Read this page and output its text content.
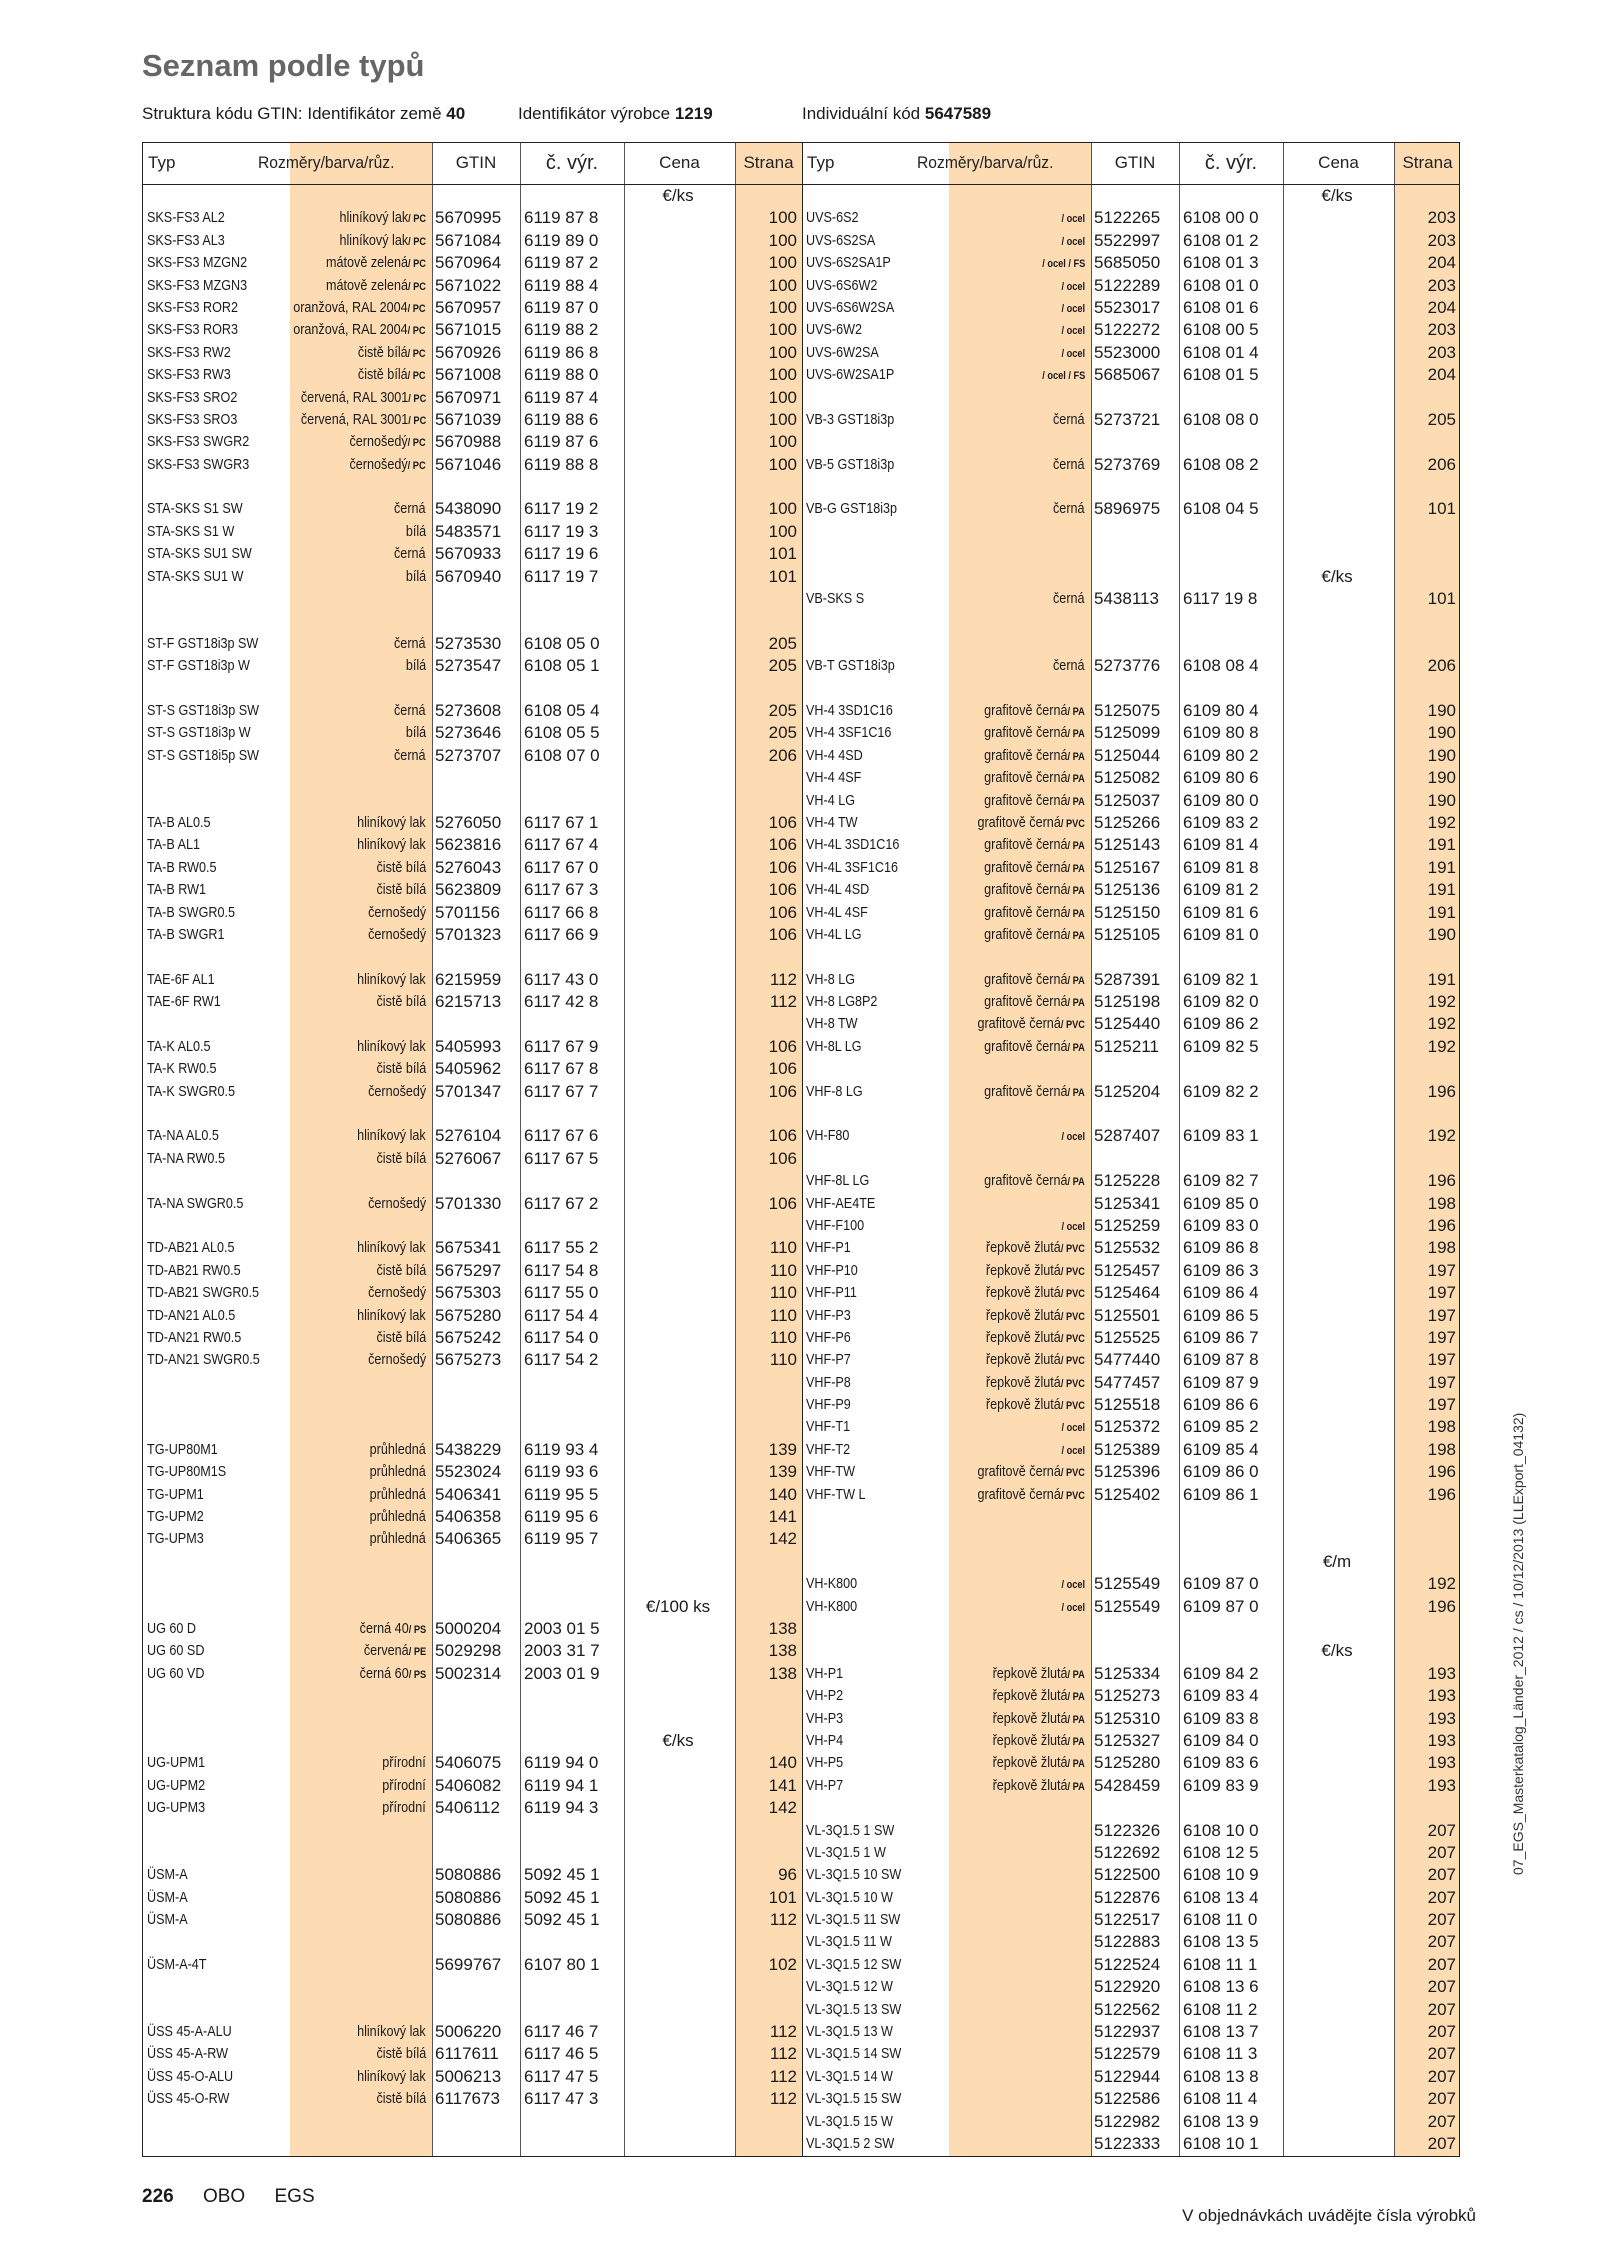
Seznam podle typů
Struktura kódu GTIN: Identifikátor země 40	Identifikátor výrobce 1219	Individuální kód 5647589
Typ	Rozměry/barva/růz.	GTIN	č. výr.	Cena	Strana
€/ks
SKS-FS3 AL2	hliníkový lak/ PC 5670995	6119 87 8	100
SKS-FS3 AL3	hliníkový lak/ PC 5671084	6119 89 0	100
SKS-FS3 MZGN2	mátově zelená/ PC 5670964	6119 87 2	100
SKS-FS3 MZGN3	mátově zelená/ PC 5671022	6119 88 4	100
SKS-FS3 ROR2	oranžová, RAL 2004/ PC 5670957	6119 87 0	100
SKS-FS3 ROR3	oranžová, RAL 2004/ PC 5671015	6119 88 2	100
SKS-FS3 RW2	čistě bílá/ PC 5670926	6119 86 8	100
SKS-FS3 RW3	čistě bílá/ PC 5671008	6119 88 0	100
SKS-FS3 SRO2	červená, RAL 3001/ PC 5670971	6119 87 4	100
SKS-FS3 SRO3	červená, RAL 3001/ PC 5671039	6119 88 6	100
SKS-FS3 SWGR2	černošedý/ PC 5670988	6119 87 6	100
SKS-FS3 SWGR3	černošedý/ PC 5671046	6119 88 8	100
STA-SKS S1 SW	černá 5438090	6117 19 2	100
STA-SKS S1 W	bílá 5483571	6117 19 3	100
STA-SKS SU1 SW	černá 5670933	6117 19 6	101
STA-SKS SU1 W	bílá 5670940	6117 19 7	101
ST-F GST18i3p SW	černá 5273530	6108 05 0	205
ST-F GST18i3p W	bílá 5273547	6108 05 1	205
ST-S GST18i3p SW	černá 5273608	6108 05 4	205
ST-S GST18i3p W	bílá 5273646	6108 05 5	205
ST-S GST18i5p SW	černá 5273707	6108 07 0	206
TA-B AL0.5	hliníkový lak 5276050	6117 67 1	106
TA-B AL1	hliníkový lak 5623816	6117 67 4	106
TA-B RW0.5	čistě bílá 5276043	6117 67 0	106
TA-B RW1	čistě bílá 5623809	6117 67 3	106
TA-B SWGR0.5	černošedý 5701156	6117 66 8	106
TA-B SWGR1	černošedý 5701323	6117 66 9	106
TAE-6F AL1	hliníkový lak 6215959	6117 43 0	112
TAE-6F RW1	čistě bílá 6215713	6117 42 8	112
TA-K AL0.5	hliníkový lak 5405993	6117 67 9	106
TA-K RW0.5	čistě bílá 5405962	6117 67 8	106
TA-K SWGR0.5	černošedý 5701347	6117 67 7	106
TA-NA AL0.5	hliníkový lak 5276104	6117 67 6	106
TA-NA RW0.5	čistě bílá 5276067	6117 67 5	106
TA-NA SWGR0.5	černošedý 5701330	6117 67 2	106
TD-AB21 AL0.5	hliníkový lak 5675341	6117 55 2	110
TD-AB21 RW0.5	čistě bílá 5675297	6117 54 8	110
TD-AB21 SWGR0.5	černošedý 5675303	6117 55 0	110
TD-AN21 AL0.5	hliníkový lak 5675280	6117 54 4	110
TD-AN21 RW0.5	čistě bílá 5675242	6117 54 0	110
TD-AN21 SWGR0.5	černošedý 5675273	6117 54 2	110
TG-UP80M1	průhledná 5438229	6119 93 4	139
TG-UP80M1S	průhledná 5523024	6119 93 6	139
TG-UPM1	průhledná 5406341	6119 95 5	140
TG-UPM2	průhledná 5406358	6119 95 6	141
TG-UPM3	průhledná 5406365	6119 95 7	142
€/100 ks
UG 60 D	černá 40/ PS 5000204	2003 01 5	138
UG 60 SD	červená/ PE 5029298	2003 31 7	138
UG 60 VD	černá 60/ PS 5002314	2003 01 9	138
€/ks
UG-UPM1	přírodní 5406075	6119 94 0	140
UG-UPM2	přírodní 5406082	6119 94 1	141
UG-UPM3	přírodní 5406112	6119 94 3	142
ÜSM-A	5080886	5092 45 1	96
ÜSM-A	5080886	5092 45 1	101
ÜSM-A	5080886	5092 45 1	112
ÜSM-A-4T	5699767	6107 80 1	102
ÜSS 45-A-ALU	hliníkový lak 5006220	6117 46 7	112
ÜSS 45-A-RW	čistě bílá 6117611	6117 46 5	112
ÜSS 45-O-ALU	hliníkový lak 5006213	6117 47 5	112
ÜSS 45-O-RW	čistě bílá 6117673	6117 47 3	112
Typ	Rozměry/barva/růz.	GTIN	č. výr.	Cena	Strana
€/ks
UVS-6S2	/ ocel 5122265	6108 00 0	203
UVS-6S2SA	/ ocel 5522997	6108 01 2	203
UVS-6S2SA1P	/ ocel / FS 5685050	6108 01 3	204
UVS-6S6W2	/ ocel 5122289	6108 01 0	203
UVS-6S6W2SA	/ ocel 5523017	6108 01 6	204
UVS-6W2	/ ocel 5122272	6108 00 5	203
UVS-6W2SA	/ ocel 5523000	6108 01 4	203
UVS-6W2SA1P	/ ocel / FS 5685067	6108 01 5	204
VB-3 GST18i3p	černá 5273721	6108 08 0	205
VB-5 GST18i3p	černá 5273769	6108 08 2	206
VB-G GST18i3p	černá 5896975	6108 04 5	101
€/ks
VB-SKS S	černá 5438113	6117 19 8	101
VB-T GST18i3p	černá 5273776	6108 08 4	206
VH-4 3SD1C16	grafitově černá/ PA 5125075	6109 80 4	190
VH-4 3SF1C16	grafitově černá/ PA 5125099	6109 80 8	190
VH-4 4SD	grafitově černá/ PA 5125044	6109 80 2	190
VH-4 4SF	grafitově černá/ PA 5125082	6109 80 6	190
VH-4 LG	grafitově černá/ PA 5125037	6109 80 0	190
VH-4 TW	grafitově černá/ PVC 5125266	6109 83 2	192
VH-4L 3SD1C16	grafitově černá/ PA 5125143	6109 81 4	191
VH-4L 3SF1C16	grafitově černá/ PA 5125167	6109 81 8	191
VH-4L 4SD	grafitově černá/ PA 5125136	6109 81 2	191
VH-4L 4SF	grafitově černá/ PA 5125150	6109 81 6	191
VH-4L LG	grafitově černá/ PA 5125105	6109 81 0	190
VH-8 LG	grafitově černá/ PA 5287391	6109 82 1	191
VH-8 LG8P2	grafitově černá/ PA 5125198	6109 82 0	192
VH-8 TW	grafitově černá/ PVC 5125440	6109 86 2	192
VH-8L LG	grafitově černá/ PA 5125211	6109 82 5	192
VHF-8 LG	grafitově černá/ PA 5125204	6109 82 2	196
VH-F80	/ ocel 5287407	6109 83 1	192
VHF-8L LG	grafitově černá/ PA 5125228	6109 82 7	196
VHF-AE4TE	5125341	6109 85 0	198
VHF-F100	/ ocel 5125259	6109 83 0	196
VHF-P1	řepkově žlutá/ PVC 5125532	6109 86 8	198
VHF-P10	řepkově žlutá/ PVC 5125457	6109 86 3	197
VHF-P11	řepkově žlutá/ PVC 5125464	6109 86 4	197
VHF-P3	řepkově žlutá/ PVC 5125501	6109 86 5	197
VHF-P6	řepkově žlutá/ PVC 5125525	6109 86 7	197
VHF-P7	řepkově žlutá/ PVC 5477440	6109 87 8	197
VHF-P8	řepkově žlutá/ PVC 5477457	6109 87 9	197
VHF-P9	řepkově žlutá/ PVC 5125518	6109 86 6	197
VHF-T1	/ ocel 5125372	6109 85 2	198
VHF-T2	/ ocel 5125389	6109 85 4	198
VHF-TW	grafitově černá/ PVC 5125396	6109 86 0	196
VHF-TW L	grafitově černá/ PVC 5125402	6109 86 1	196
€/m
VH-K800	/ ocel 5125549	6109 87 0	192
VH-K800	/ ocel 5125549	6109 87 0	196
€/ks
VH-P1	řepkově žlutá/ PA 5125334	6109 84 2	193
VH-P2	řepkově žlutá/ PA 5125273	6109 83 4	193
VH-P3	řepkově žlutá/ PA 5125310	6109 83 8	193
VH-P4	řepkově žlutá/ PA 5125327	6109 84 0	193
VH-P5	řepkově žlutá/ PA 5125280	6109 83 6	193
VH-P7	řepkově žlutá/ PA 5428459	6109 83 9	193
VL-3Q1.5 1 SW	5122326	6108 10 0	207
VL-3Q1.5 1 W	5122692	6108 12 5	207
VL-3Q1.5 10 SW	5122500	6108 10 9	207
VL-3Q1.5 10 W	5122876	6108 13 4	207
VL-3Q1.5 11 SW	5122517	6108 11 0	207
VL-3Q1.5 11 W	5122883	6108 13 5	207
VL-3Q1.5 12 SW	5122524	6108 11 1	207
VL-3Q1.5 12 W	5122920	6108 13 6	207
VL-3Q1.5 13 SW	5122562	6108 11 2	207
VL-3Q1.5 13 W	5122937	6108 13 7	207
VL-3Q1.5 14 SW	5122579	6108 11 3	207
VL-3Q1.5 14 W	5122944	6108 13 8	207
VL-3Q1.5 15 SW	5122586	6108 11 4	207
VL-3Q1.5 15 W	5122982	6108 13 9	207
VL-3Q1.5 2 SW	5122333	6108 10 1	207
07_EGS_Masterkatalog_Länder_2012 / cs / 10/12/2013 (LLExport_04132)
226 OBO EGS
V objednávkách uvádějte čísla výrobků
